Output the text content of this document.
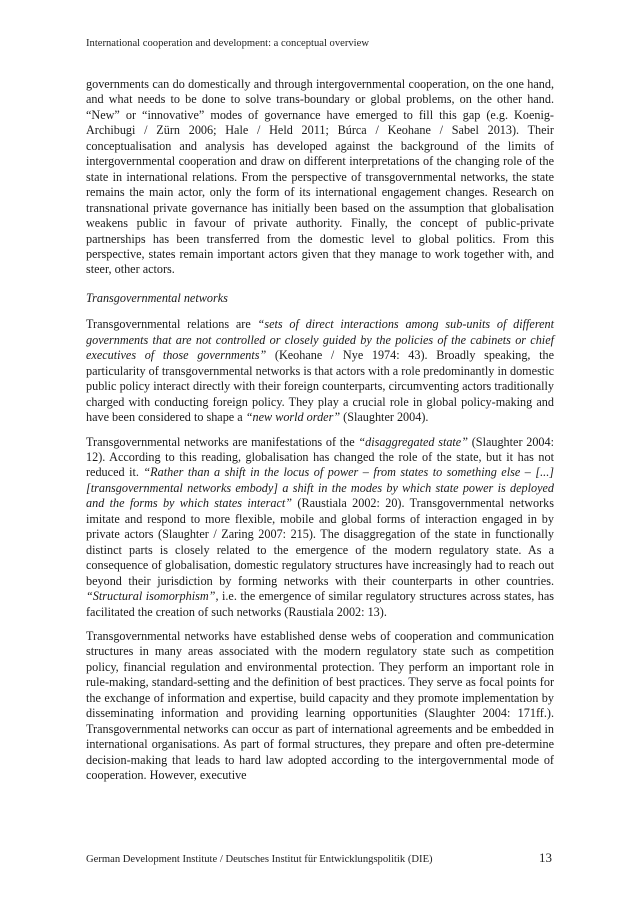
International cooperation and development: a conceptual overview

governments can do domestically and through intergovernmental cooperation, on the one hand, and what needs to be done to solve trans-boundary or global problems, on the other hand. “New” or “innovative” modes of governance have emerged to fill this gap (e.g. Koenig-Archibugi / Zürn 2006; Hale / Held 2011; Búrca / Keohane / Sabel 2013). Their conceptualisation and analysis has developed against the background of the limits of intergovernmental cooperation and draw on different interpretations of the changing role of the state in international relations. From the perspective of transgovernmental networks, the state remains the main actor, only the form of its international engagement changes. Research on transnational private governance has initially been based on the assumption that globalisation weakens public in favour of private authority. Finally, the concept of public-private partnerships has been transferred from the domestic level to global politics. From this perspective, states remain important actors given that they manage to work together with, and steer, other actors.

Transgovernmental networks

Transgovernmental relations are “sets of direct interactions among sub-units of different governments that are not controlled or closely guided by the policies of the cabinets or chief executives of those governments” (Keohane / Nye 1974: 43). Broadly speaking, the particularity of transgovernmental networks is that actors with a role predominantly in domestic public policy interact directly with their foreign counterparts, circumventing actors traditionally charged with conducting foreign policy. They play a crucial role in global policy-making and have been considered to shape a “new world order” (Slaughter 2004).

Transgovernmental networks are manifestations of the “disaggregated state” (Slaughter 2004: 12). According to this reading, globalisation has changed the role of the state, but it has not reduced it. “Rather than a shift in the locus of power – from states to something else – [...] [transgovernmental networks embody] a shift in the modes by which state power is deployed and the forms by which states interact” (Raustiala 2002: 20). Transgovernmental networks imitate and respond to more flexible, mobile and global forms of interaction engaged in by private actors (Slaughter / Zaring 2007: 215). The disaggregation of the state in functionally distinct parts is closely related to the emergence of the modern regulatory state. As a consequence of globalisation, domestic regulatory structures have increasingly had to reach out beyond their jurisdiction by forming networks with their counterparts in other countries. “Structural isomorphism”, i.e. the emergence of similar regulatory structures across states, has facilitated the creation of such networks (Raustiala 2002: 13).

Transgovernmental networks have established dense webs of cooperation and communication structures in many areas associated with the modern regulatory state such as competition policy, financial regulation and environmental protection. They perform an important role in rule-making, standard-setting and the definition of best practices. They serve as focal points for the exchange of information and expertise, build capacity and they promote implementation by disseminating information and providing learning opportunities (Slaughter 2004: 171ff.). Transgovernmental networks can occur as part of international agreements and be embedded in international organisations. As part of formal structures, they prepare and often pre-determine decision-making that leads to hard law adopted according to the intergovernmental mode of cooperation. However, executive

German Development Institute / Deutsches Institut für Entwicklungspolitik (DIE)	13
